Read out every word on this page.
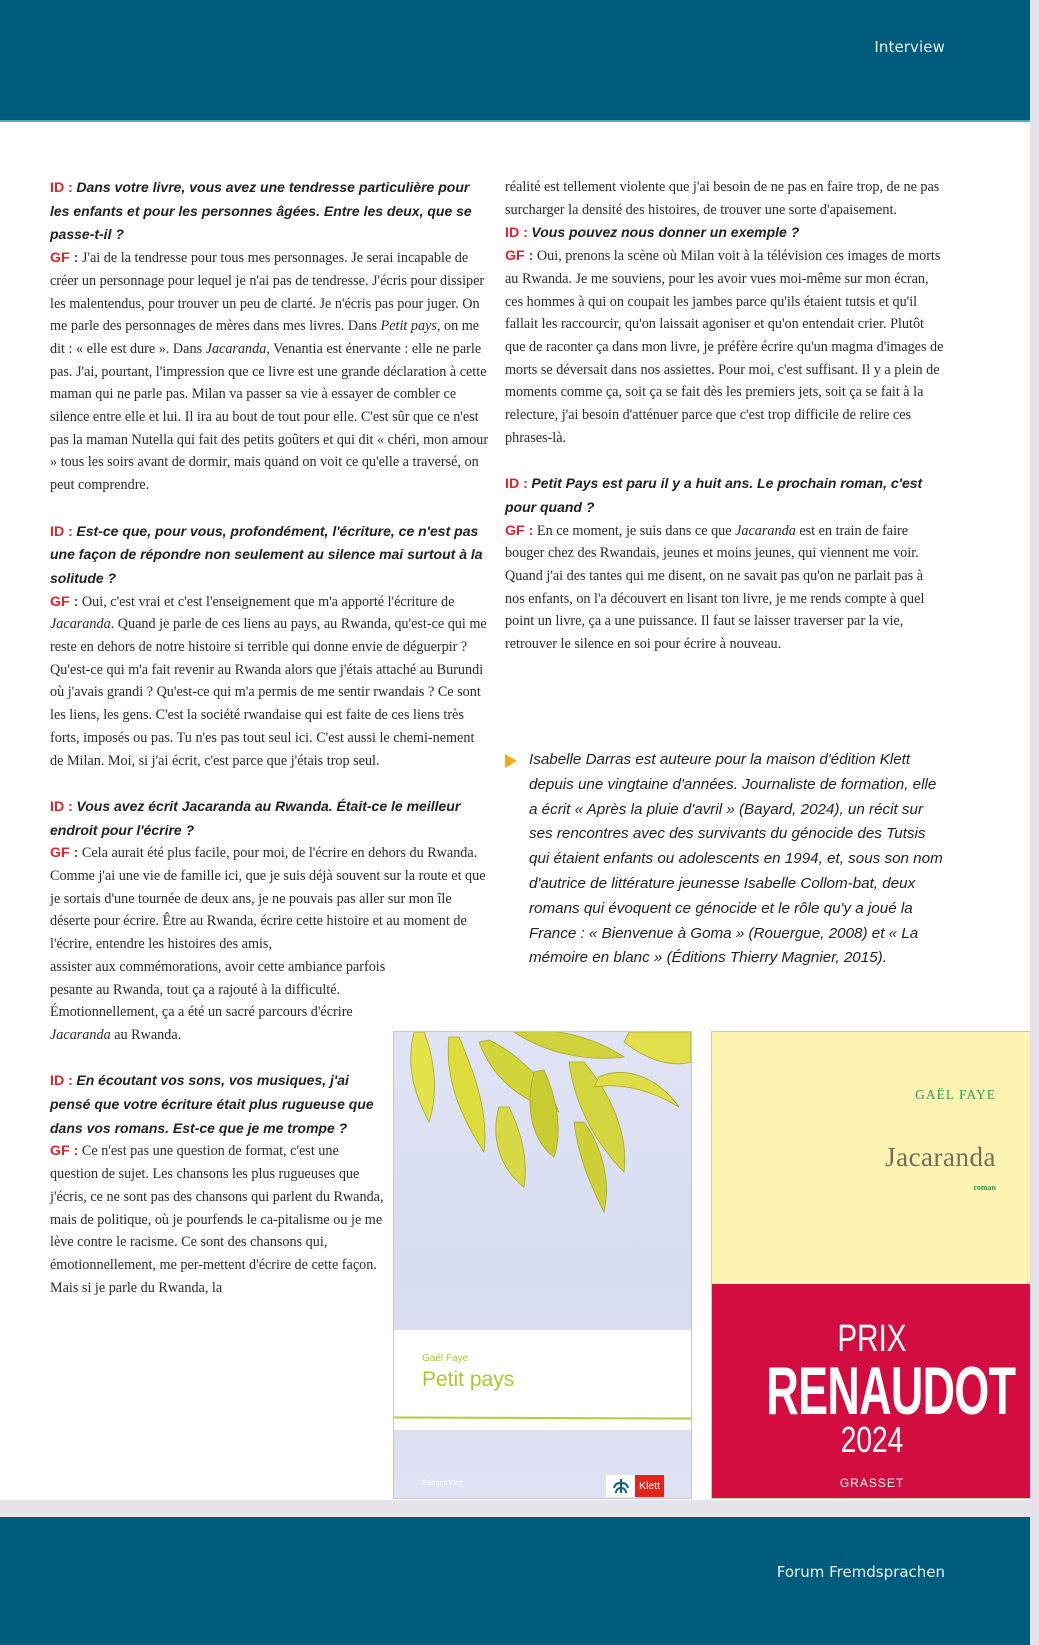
Interview

ID : Dans votre livre, vous avez une tendresse particulière pour les enfants et pour les personnes âgées. Entre les deux, que se passe-t-il ?

GF : J'ai de la tendresse pour tous mes personnages. Je serai incapable de créer un personnage pour lequel je n'ai pas de tendresse. J'écris pour dissiper les malentendus, pour trouver un peu de clarté. Je n'écris pas pour juger. On me parle des personnages de mères dans mes livres. Dans Petit pays, on me dit : « elle est dure ». Dans Jacaranda, Venantia est énervante : elle ne parle pas. J'ai, pourtant, l'impression que ce livre est une grande déclaration à cette maman qui ne parle pas. Milan va passer sa vie à essayer de combler ce silence entre elle et lui. Il ira au bout de tout pour elle. C'est sûr que ce n'est pas la maman Nutella qui fait des petits goûters et qui dit « chéri, mon amour » tous les soirs avant de dormir, mais quand on voit ce qu'elle a traversé, on peut comprendre.

ID : Est-ce que, pour vous, profondément, l'écriture, ce n'est pas une façon de répondre non seulement au silence mai surtout à la solitude ?

GF : Oui, c'est vrai et c'est l'enseignement que m'a apporté l'écriture de Jacaranda. Quand je parle de ces liens au pays, au Rwanda, qu'est-ce qui me reste en dehors de notre histoire si terrible qui donne envie de déguerpir ? Qu'est-ce qui m'a fait revenir au Rwanda alors que j'étais attaché au Burundi où j'avais grandi ? Qu'est-ce qui m'a permis de me sentir rwandais ? Ce sont les liens, les gens. C'est la société rwandaise qui est faite de ces liens très forts, imposés ou pas. Tu n'es pas tout seul ici. C'est aussi le chemi-nement de Milan. Moi, si j'ai écrit, c'est parce que j'étais trop seul.

ID : Vous avez écrit Jacaranda au Rwanda. Était-ce le meilleur endroit pour l'écrire ?

GF : Cela aurait été plus facile, pour moi, de l'écrire en dehors du Rwanda. Comme j'ai une vie de famille ici, que je suis déjà souvent sur la route et que je sortais d'une tournée de deux ans, je ne pouvais pas aller sur mon île déserte pour écrire. Être au Rwanda, écrire cette histoire et au moment de l'écrire, entendre les histoires des amis,

assister aux commémorations, avoir cette ambiance parfois pesante au Rwanda, tout ça a rajouté à la difficulté. Émotionnellement, ça a été un sacré parcours d'écrire Jacaranda au Rwanda.

ID : En écoutant vos sons, vos musiques, j'ai pensé que votre écriture était plus rugueuse que dans vos romans. Est-ce que je me trompe ?

GF : Ce n'est pas une question de format, c'est une question de sujet. Les chansons les plus rugueuses que j'écris, ce ne sont pas des chansons qui parlent du Rwanda, mais de politique, où je pourfends le ca-pitalisme ou je me lève contre le racisme. Ce sont des chansons qui, émotionnellement, me per-mettent d'écrire de cette façon. Mais si je parle du Rwanda, la

réalité est tellement violente que j'ai besoin de ne pas en faire trop, de ne pas surcharger la densité des histoires, de trouver une sorte d'apaisement.

ID : Vous pouvez nous donner un exemple ?

GF : Oui, prenons la scène où Milan voit à la télévision ces images de morts au Rwanda. Je me souviens, pour les avoir vues moi-même sur mon écran, ces hommes à qui on coupait les jambes parce qu'ils étaient tutsis et qu'il fallait les raccourcir, qu'on laissait agoniser et qu'on entendait crier. Plutôt que de raconter ça dans mon livre, je préfère écrire qu'un magma d'images de morts se déversait dans nos assiettes. Pour moi, c'est suffisant. Il y a plein de moments comme ça, soit ça se fait dès les premiers jets, soit ça se fait à la relecture, j'ai besoin d'atténuer parce que c'est trop difficile de relire ces phrases-là.

ID : Petit Pays est paru il y a huit ans. Le prochain roman, c'est pour quand ?

GF : En ce moment, je suis dans ce que Jacaranda est en train de faire bouger chez des Rwandais, jeunes et moins jeunes, qui viennent me voir. Quand j'ai des tantes qui me disent, on ne savait pas qu'on ne parlait pas à nos enfants, on l'a découvert en lisant ton livre, je me rends compte à quel point un livre, ça a une puissance. Il faut se laisser traverser par la vie, retrouver le silence en soi pour écrire à nouveau.

Isabelle Darras est auteure pour la maison d'édition Klett depuis une vingtaine d'années. Journaliste de formation, elle a écrit « Après la pluie d'avril » (Bayard, 2024), un récit sur ses rencontres avec des survivants du génocide des Tutsis qui étaient enfants ou adolescents en 1994, et, sous son nom d'autrice de littérature jeunesse Isabelle Collom-bat, deux romans qui évoquent ce génocide et le rôle qu'y a joué la France : « Bienvenue à Goma » (Rouergue, 2008) et « La mémoire en blanc » (Éditions Thierry Magnier, 2015).
Gaël Faye
Petit pays
Éditions Klett	Klett
GAËL FAYE
Jacaranda
roman
PRIX
RENAUDOT
2024
GRASSET
Forum Fremdsprachen
